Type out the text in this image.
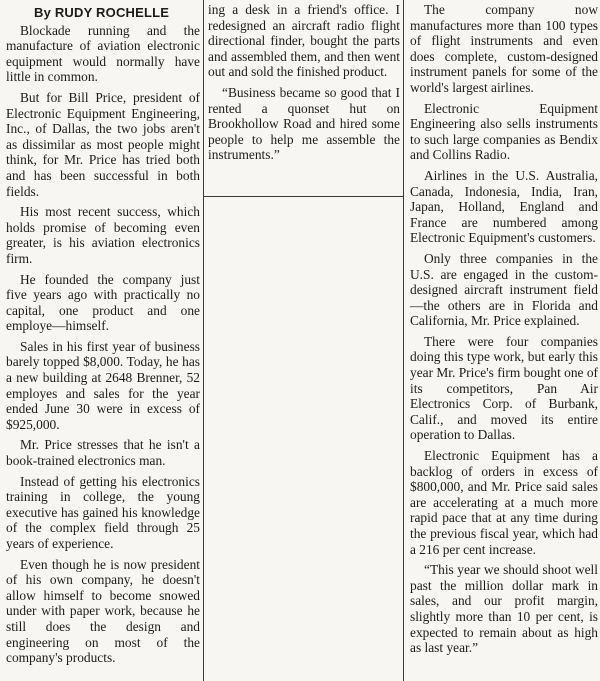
By RUDY ROCHELLE

Blockade running and the manufacture of aviation electronic equipment would normally have little in common.

But for Bill Price, president of Electronic Equipment Engineering, Inc., of Dallas, the two jobs aren't as dissimilar as most people might think, for Mr. Price has tried both and has been successful in both fields.

His most recent success, which holds promise of becoming even greater, is his aviation electronics firm.

He founded the company just five years ago with practically no capital, one product and one employe—himself.

Sales in his first year of business barely topped $8,000. Today, he has a new building at 2648 Brenner, 52 employes and sales for the year ended June 30 were in excess of $925,000.

Mr. Price stresses that he isn't a book-trained electronics man.

Instead of getting his electronics training in college, the young executive has gained his knowledge of the complex field through 25 years of experience.

Even though he is now president of his own company, he doesn't allow himself to become snowed under with paper work, because he still does the design and engineering on most of the company's products.

ing a desk in a friend's office. I redesigned an aircraft radio flight directional finder, bought the parts and assembled them, and then went out and sold the finished product.

“Business became so good that I rented a quonset hut on Brookhollow Road and hired some people to help me assemble the instruments.”

The company now manufactures more than 100 types of flight instruments and even does complete, custom-designed instrument panels for some of the world's largest airlines.

Electronic Equipment Engineering also sells instruments to such large companies as Bendix and Collins Radio.

Airlines in the U.S. Australia, Canada, Indonesia, India, Iran, Japan, Holland, England and France are numbered among Electronic Equipment's customers.

Only three companies in the U.S. are engaged in the custom-designed aircraft instrument field—the others are in Florida and California, Mr. Price explained.

There were four companies doing this type work, but early this year Mr. Price's firm bought one of its competitors, Pan Air Electronics Corp. of Burbank, Calif., and moved its entire operation to Dallas.

Electronic Equipment has a backlog of orders in excess of $800,000, and Mr. Price said sales are accelerating at a much more rapid pace that at any time during the previous fiscal year, which had a 216 per cent increase.

“This year we should shoot well past the million dollar mark in sales, and our profit margin, slightly more than 10 per cent, is expected to remain about as high as last year.”
